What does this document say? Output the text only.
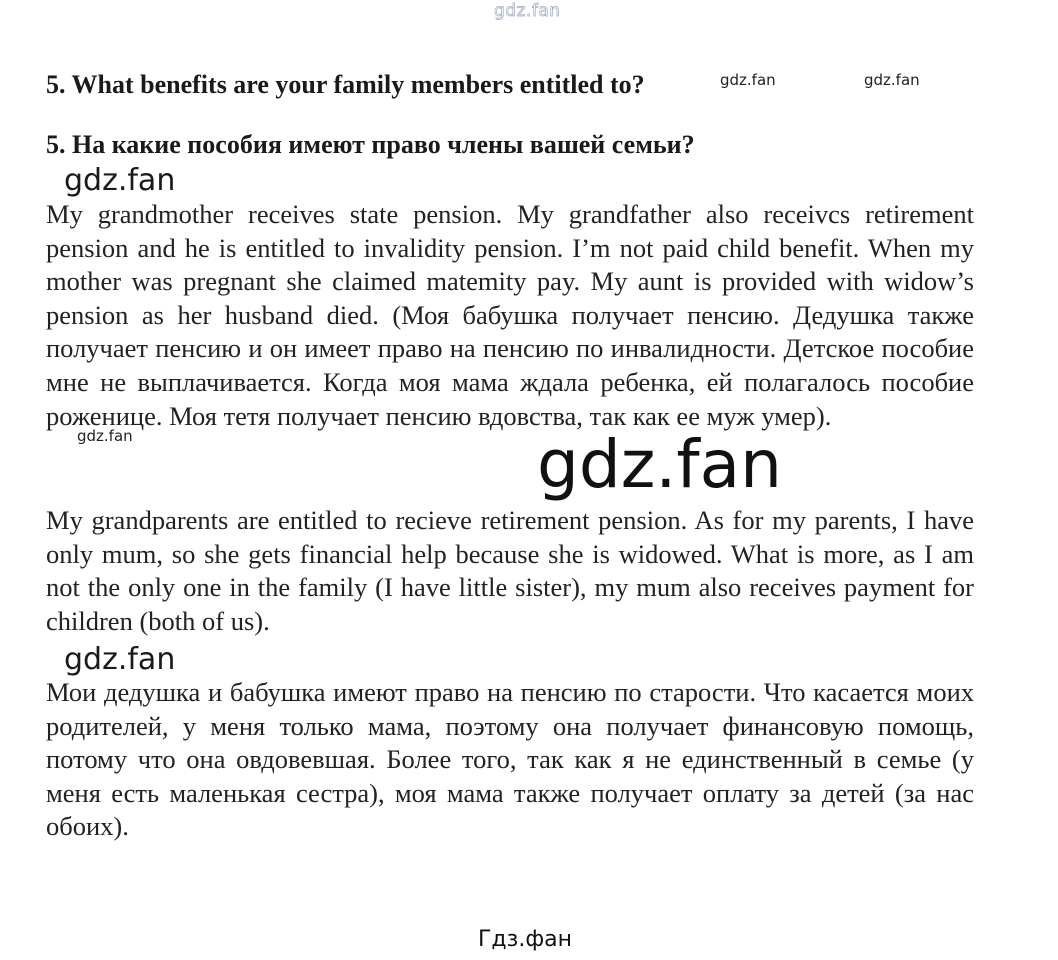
gdz.fan
5. What benefits are your family members entitled to?	gdz.fan	gdz.fan
5. На какие пособия имеют право члены вашей семьи?
gdz.fan

My grandmother receives state pension. My grandfather also receivcs retirement pension and he is entitled to invalidity pension. I’m not paid child benefit. When my mother was pregnant she claimed matemity pay. My aunt is provided with widow’s pension as her husband died. (Моя бабушка получает пенсию. Дедушка также получает пенсию и он имеет право на пенсию по инвалидности. Детское пособие мне не выплачивается. Когда моя мама ждала ребенка, ей полагалось пособие роженице. Моя тетя получает пенсию вдовства, так как ее муж умер).

gdz.fan	gdz.fan

My grandparents are entitled to recieve retirement pension. As for my parents, I have only mum, so she gets financial help because she is widowed. What is more, as I am not the only one in the family (I have little sister), my mum also receives payment for children (both of us).

gdz.fan

Мои дедушка и бабушка имеют право на пенсию по старости. Что касается моих родителей, у меня только мама, поэтому она получает финансовую помощь, потому что она овдовевшая. Более того, так как я не единственный в семье (у меня есть маленькая сестра), моя мама также получает оплату за детей (за нас обоих).

Гдз.фан
